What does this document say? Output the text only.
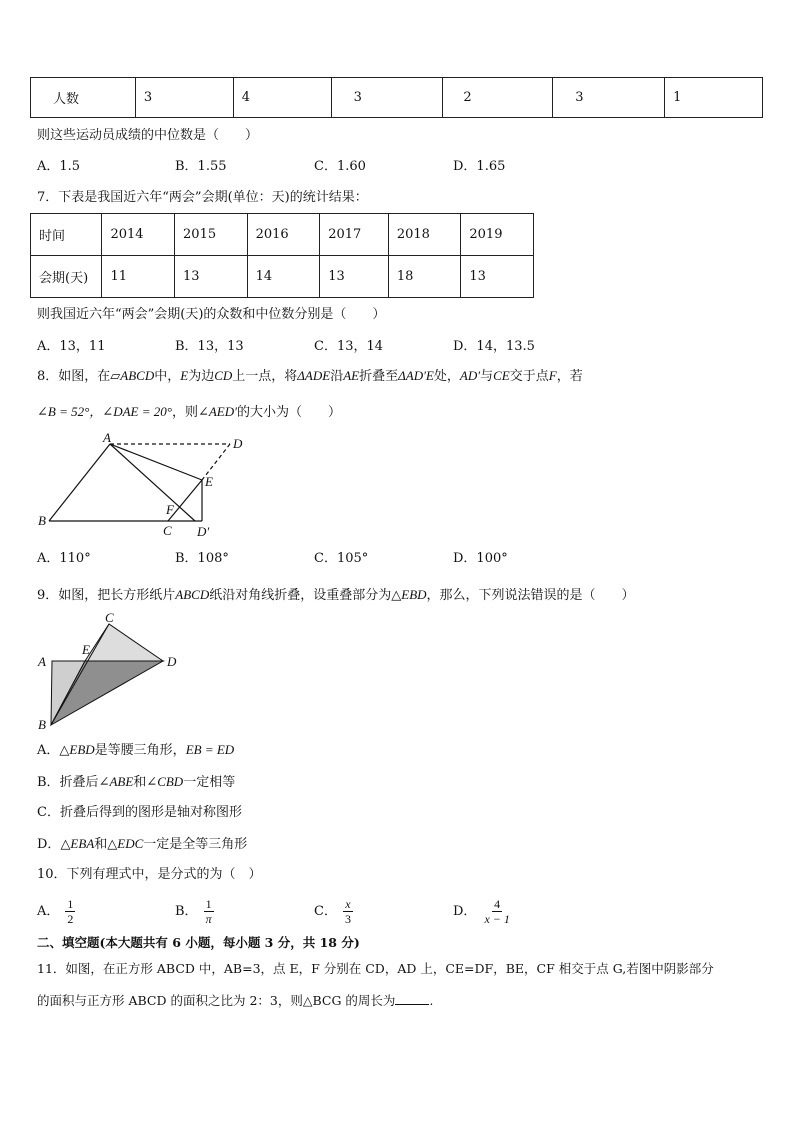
人数	3	4	3	2	3	1
则这些运动员成绩的中位数是（　　）
A．1.5	B．1.55	C．1.60	D．1.65
7．下表是我国近六年“两会”会期(单位：天)的统计结果：
时间	2014	2015	2016	2017	2018	2019
会期(天)	11	13	14	13	18	13
则我国近六年“两会”会期(天)的众数和中位数分别是（　　）
A．13，11	B．13，13	C．13，14	D．14，13.5
8．如图，在▱ABCD中，E为边CD上一点，将ΔADE沿AE折叠至ΔAD′E处，AD′与CE交于点F，若
∠B = 52°，∠DAE = 20°，则∠AED′的大小为（　　）
A	D
E
B
F
C D′
A．110°	B．108°	C．105°	D．100°
9．如图，把长方形纸片ABCD纸沿对角线折叠，设重叠部分为△EBD，那么，下列说法错误的是（　　）
C
E
A	D
B
A．△EBD是等腰三角形，EB = ED
B．折叠后∠ABE和∠CBD一定相等
C．折叠后得到的图形是轴对称图形
D．△EBA和△EDC一定是全等三角形
10．下列有理式中，是分式的为（　）
A． $\frac{1}{2}$	B． $\frac{1}{\pi}$	C． $\frac{x}{3}$	D． $\frac{4}{x - 1}$
二、填空题(本大题共有 6 小题，每小题 3 分，共 18 分)
11．如图，在正方形 ABCD 中，AB=3，点 E，F 分别在 CD，AD 上，CE=DF，BE，CF 相交于点 G,若图中阴影部分
的面积与正方形 ABCD 的面积之比为 2：3，则△BCG 的周长为	.
